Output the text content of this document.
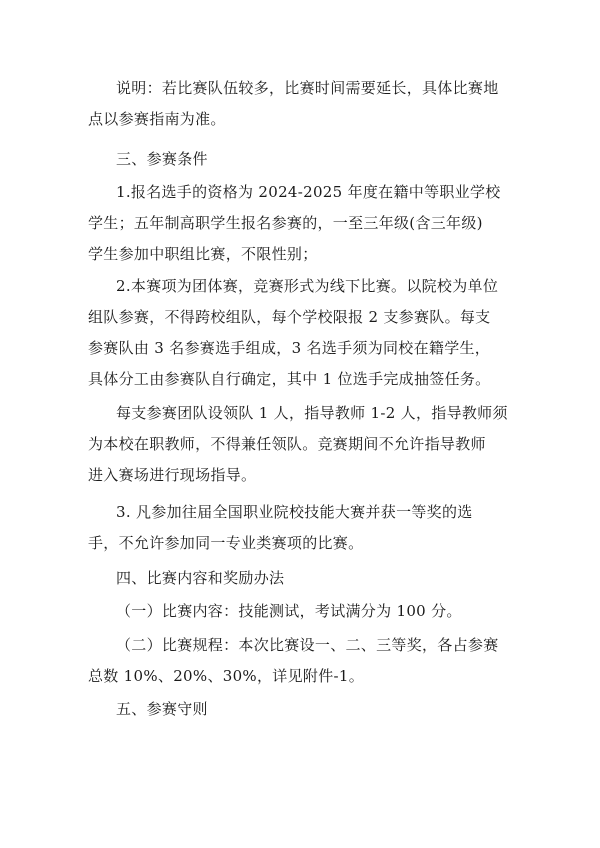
说明：若比赛队伍较多，比赛时间需要延长，具体比赛地
点以参赛指南为准。

三、参赛条件

1.报名选手的资格为 2024-2025 年度在籍中等职业学校
学生；五年制高职学生报名参赛的，一至三年级(含三年级)
学生参加中职组比赛，不限性别；

2.本赛项为团体赛，竞赛形式为线下比赛。以院校为单位
组队参赛，不得跨校组队，每个学校限报 2 支参赛队。每支
参赛队由 3 名参赛选手组成，3 名选手须为同校在籍学生，
具体分工由参赛队自行确定，其中 1 位选手完成抽签任务。

每支参赛团队设领队 1 人，指导教师 1-2 人，指导教师须
为本校在职教师，不得兼任领队。竞赛期间不允许指导教师
进入赛场进行现场指导。

3. 凡参加往届全国职业院校技能大赛并获一等奖的选
手，不允许参加同一专业类赛项的比赛。

四、比赛内容和奖励办法

（一）比赛内容：技能测试，考试满分为 100 分。

（二）比赛规程：本次比赛设一、二、三等奖，各占参赛
总数 10%、20%、30%，详见附件-1。

五、参赛守则
